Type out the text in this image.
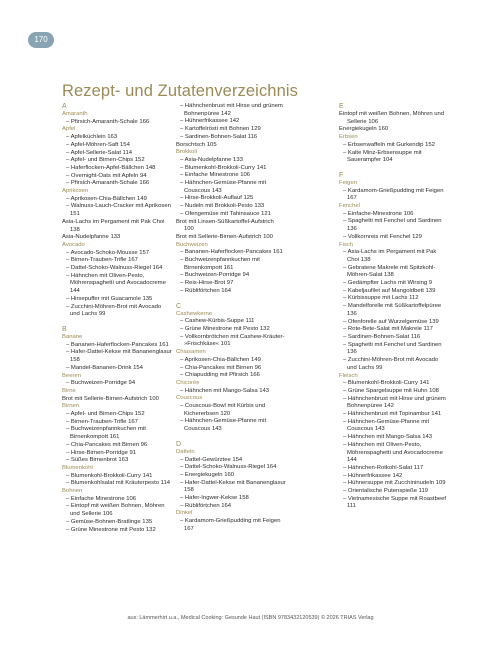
170
Rezept- und Zutatenverzeichnis
A
Amaranth
– Pfirsich-Amaranth-Schale 166
Apfel
– Apfelküchlein 163
– Apfel-Möhren-Saft 154
– Apfel-Sellerie-Salat 114
– Apfel- und Birnen-Chips 152
– Haferflocken-Apfel-Bällchen 148
– Overnight-Oats mit Apfeln 94
– Pfirsich-Amaranth-Schale 166
Aprikosen
– Aprikosen-Chia-Bällchen 149
– Walnuss-Lauch-Cracker mit Aprikosen
151
Asia-Lachs im Pergament mit Pak Choi
138
Asia-Nudelpfanne 133
Avocado
– Avocado-Schoko-Mousse 157
– Birnen-Trauben-Trifle 167
– Dattel-Schoko-Walnuss-Riegel 164
– Hähnchen mit Oliven-Pesto,
Möhrenspaghetti und Avocadocreme
144
– Hirsepuffer mit Guacamole 135
– Zucchini-Möhren-Brot mit Avocado
und Lachs 99
B
Banane
– Bananen-Haferflocken-Pancakes 161
– Hafer-Dattel-Kekse mit Bananenglasur
158
– Mandel-Bananen-Drink 154
Beeren
– Buchweizen-Porridge 94
Birne
Brot mit Sellerie-Birnen-Aufstrich 100
Birnen
– Apfel- und Birnen-Chips 152
– Birnen-Trauben-Trifle 167
– Buchweizenpfannkuchen mit
Birnenkompott 161
– Chia-Pancakes mit Birnen 96
– Hirse-Birnen-Porridge 91
– Süßes Birnenbrot 163
Blumenkohl
– Blumenkohl-Brokkoli-Curry 141
– Blumenkohlsalat mit Kräuterpesto 114
Bohnen
– Einfache Minestrone 106
– Eintopf mit weißen Bohnen, Möhren
und Sellerie 106
– Gemüse-Bohnen-Bratlinge 135
– Grüne Minestrone mit Pesto 132
– Hähnchenbrust mit Hirse und grünem
Bohnenpüree 142
– Hühnerfrikassee 142
– Kartoffelrösti mit Bohnen 129
– Sardinen-Bohnen-Salat 116
Borschtsch 105
Brokkoli
– Asia-Nudelpfanne 133
– Blumenkohl-Brokkoli-Curry 141
– Einfache Minestrone 106
– Hähnchen-Gemüse-Pfanne mit
Couscous 143
– Hirse-Brokkoli-Auflauf 125
– Nudeln mit Brokkoli-Pesto 133
– Ofengemüse mit Tahinsauce 121
Brot mit Linsen-Süßkartoffel-Aufstrich
100
Brot mit Sellerie-Birnen-Aufstrich 100
Buchweizen
– Bananen-Haferflocken-Pancakes 161
– Buchweizenpfannkuchen mit
Birnenkompott 161
– Buchweizen-Porridge 94
– Reis-Hirse-Brot 97
– Rübliförtchen 164
C
Cashewkerne
– Cashew-Kürbis-Suppe 111
– Grüne Minestrone mit Pesto 132
– Vollkornbrötchen mit Cashew-Kräuter-
»Frischkäse« 101
Chiasamen
– Aprikosen-Chia-Bällchen 149
– Chia-Pancakes mit Birnen 96
– Chiapudding mit Pfirsich 166
Chicorée
– Hähnchen mit Mango-Salsa 143
Couscous
– Couscous-Bowl mit Kürbis und
Kichererbsen 120
– Hähnchen-Gemüse-Pfanne mit
Couscous 143
D
Datteln
– Dattel-Gewürztee 154
– Dattel-Schoko-Walnuss-Riegel 164
– Energiekugeln 160
– Hafer-Dattel-Kekse mit Bananenglasur
158
– Hafer-Ingwer-Kekse 158
– Rübliförtchen 164
Dinkel
– Kardamom-Grießpudding mit Feigen
167
E
Eintopf mit weißen Bohnen, Möhren und
Sellerie 106
Energiekugeln 160
Erbsen
– Erbsenwaffeln mit Gurkendip 152
– Kalte Minz-Erbsensuppe mit
Sauerampfer 104
F
Feigen
– Kardamom-Grießpudding mit Feigen
167
Fenchel
– Einfache-Minestrone 106
– Spaghetti mit Fenchel und Sardinen
136
– Vollkornreis mit Fenchel 129
Fisch
– Asia-Lachs im Pergament mit Pak
Choi 138
– Gebratene Makrele mit Spitzkohl-
Möhren-Salat 138
– Gedämpfter Lachs mit Wirsing 9
– Kabeljaufilet auf Mangoldbett 139
– Kürbissuppe mit Lachs 112
– Mandelforelle mit Süßkartoffelpüree
136
– Ofenforelle auf Wurzelgemüse 139
– Rote-Bete-Salat mit Makrele 117
– Sardinen-Bohnen-Salat 116
– Spaghetti mit Fenchel und Sardinen
136
– Zucchini-Möhren-Brot mit Avocado
und Lachs 99
Fleisch
– Blumenkohl-Brokkoli-Curry 141
– Grüne Spargelsuppe mit Huhn 108
– Hähnchenbrust mit Hirse und grünem
Bohnenpüree 142
– Hähnchenbrust mit Topinambur 141
– Hähnchen-Gemüse-Pfanne mit
Couscous 143
– Hähnchen mit Mango-Salsa 143
– Hähnchen mit Oliven-Pesto,
Möhrenspaghetti und Avocadocreme
144
– Hähnchen-Rotkohl-Salat 117
– Hühnerfrikassee 142
– Hühnersuppe mit Zucchininudeln 109
– Orientalische Putenspieße 119
– Vietnamesische Suppe mit Roastbeef
111
aus: Lämmerhirt u.a., Medical Cooking: Gesunde Haut (ISBN 9783432120539) © 2026 TRIAS Verlag
